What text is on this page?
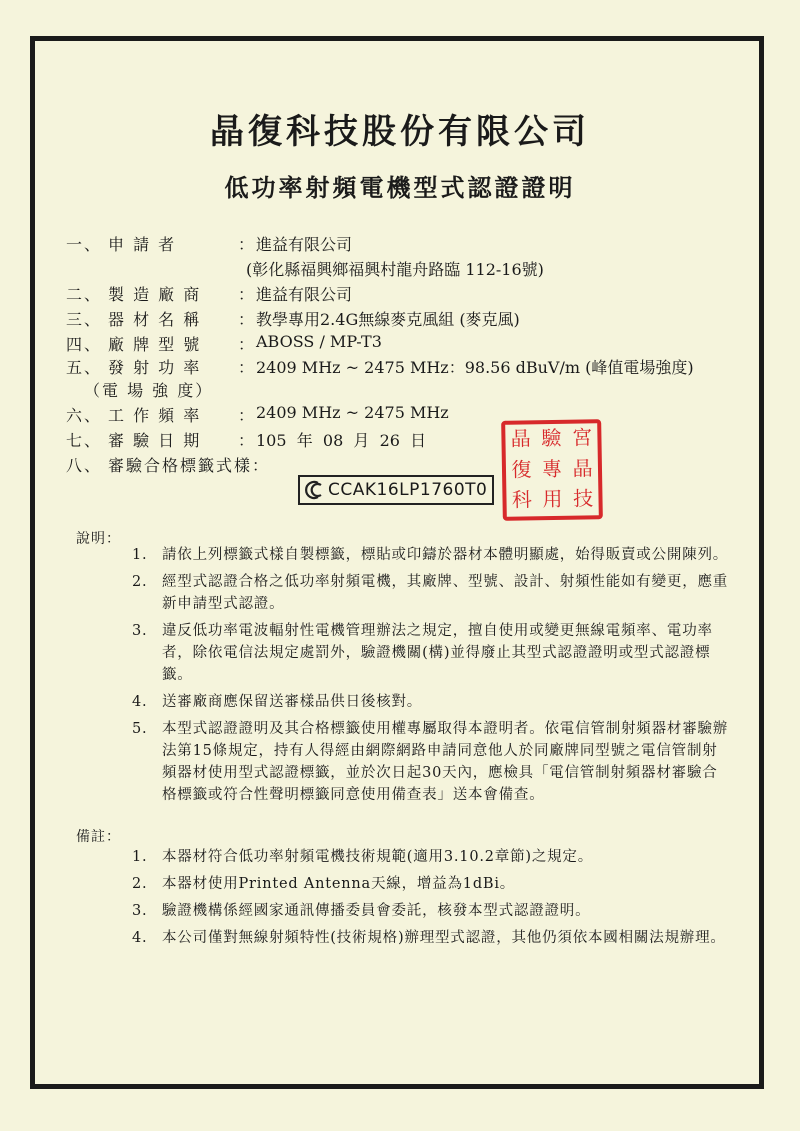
晶復科技股份有限公司
低功率射頻電機型式認證證明
一、 申 請 者	： 進益有限公司
(彰化縣福興鄉福興村龍舟路臨 112-16號)
二、 製 造 廠 商	： 進益有限公司
三、 器 材 名 稱	： 教學專用2.4G無線麥克風組 (麥克風)
四、 廠 牌 型 號	： ABOSS / MP-T3
五、 發 射 功 率	： 2409 MHz ~ 2475 MHz：98.56 dBuV/m (峰值電場強度)
（電 場 強 度）
六、 工 作 頻 率	： 2409 MHz ~ 2475 MHz
七、 審 驗 日 期	： 105  年  08  月  26  日
八、 審驗合格標籤式樣：
CCAK16LP1760T0
晶 驗 宮
復 專 晶
科 用 技
說明：
1. 請依上列標籤式樣自製標籤，標貼或印鑄於器材本體明顯處，始得販賣或公開陳列。
2. 經型式認證合格之低功率射頻電機，其廠牌、型號、設計、射頻性能如有變更，應重新申請型式認證。
3. 違反低功率電波輻射性電機管理辦法之規定，擅自使用或變更無線電頻率、電功率者，除依電信法規定處罰外，驗證機關(構)並得廢止其型式認證證明或型式認證標籤。
4. 送審廠商應保留送審樣品供日後核對。
5. 本型式認證證明及其合格標籤使用權專屬取得本證明者。依電信管制射頻器材審驗辦法第15條規定，持有人得經由網際網路申請同意他人於同廠牌同型號之電信管制射頻器材使用型式認證標籤，並於次日起30天內，應檢具「電信管制射頻器材審驗合格標籤或符合性聲明標籤同意使用備查表」送本會備查。
備註：
1. 本器材符合低功率射頻電機技術規範(適用3.10.2章節)之規定。
2. 本器材使用Printed Antenna天線，增益為1dBi。
3. 驗證機構係經國家通訊傳播委員會委託，核發本型式認證證明。
4. 本公司僅對無線射頻特性(技術規格)辦理型式認證，其他仍須依本國相關法規辦理。
